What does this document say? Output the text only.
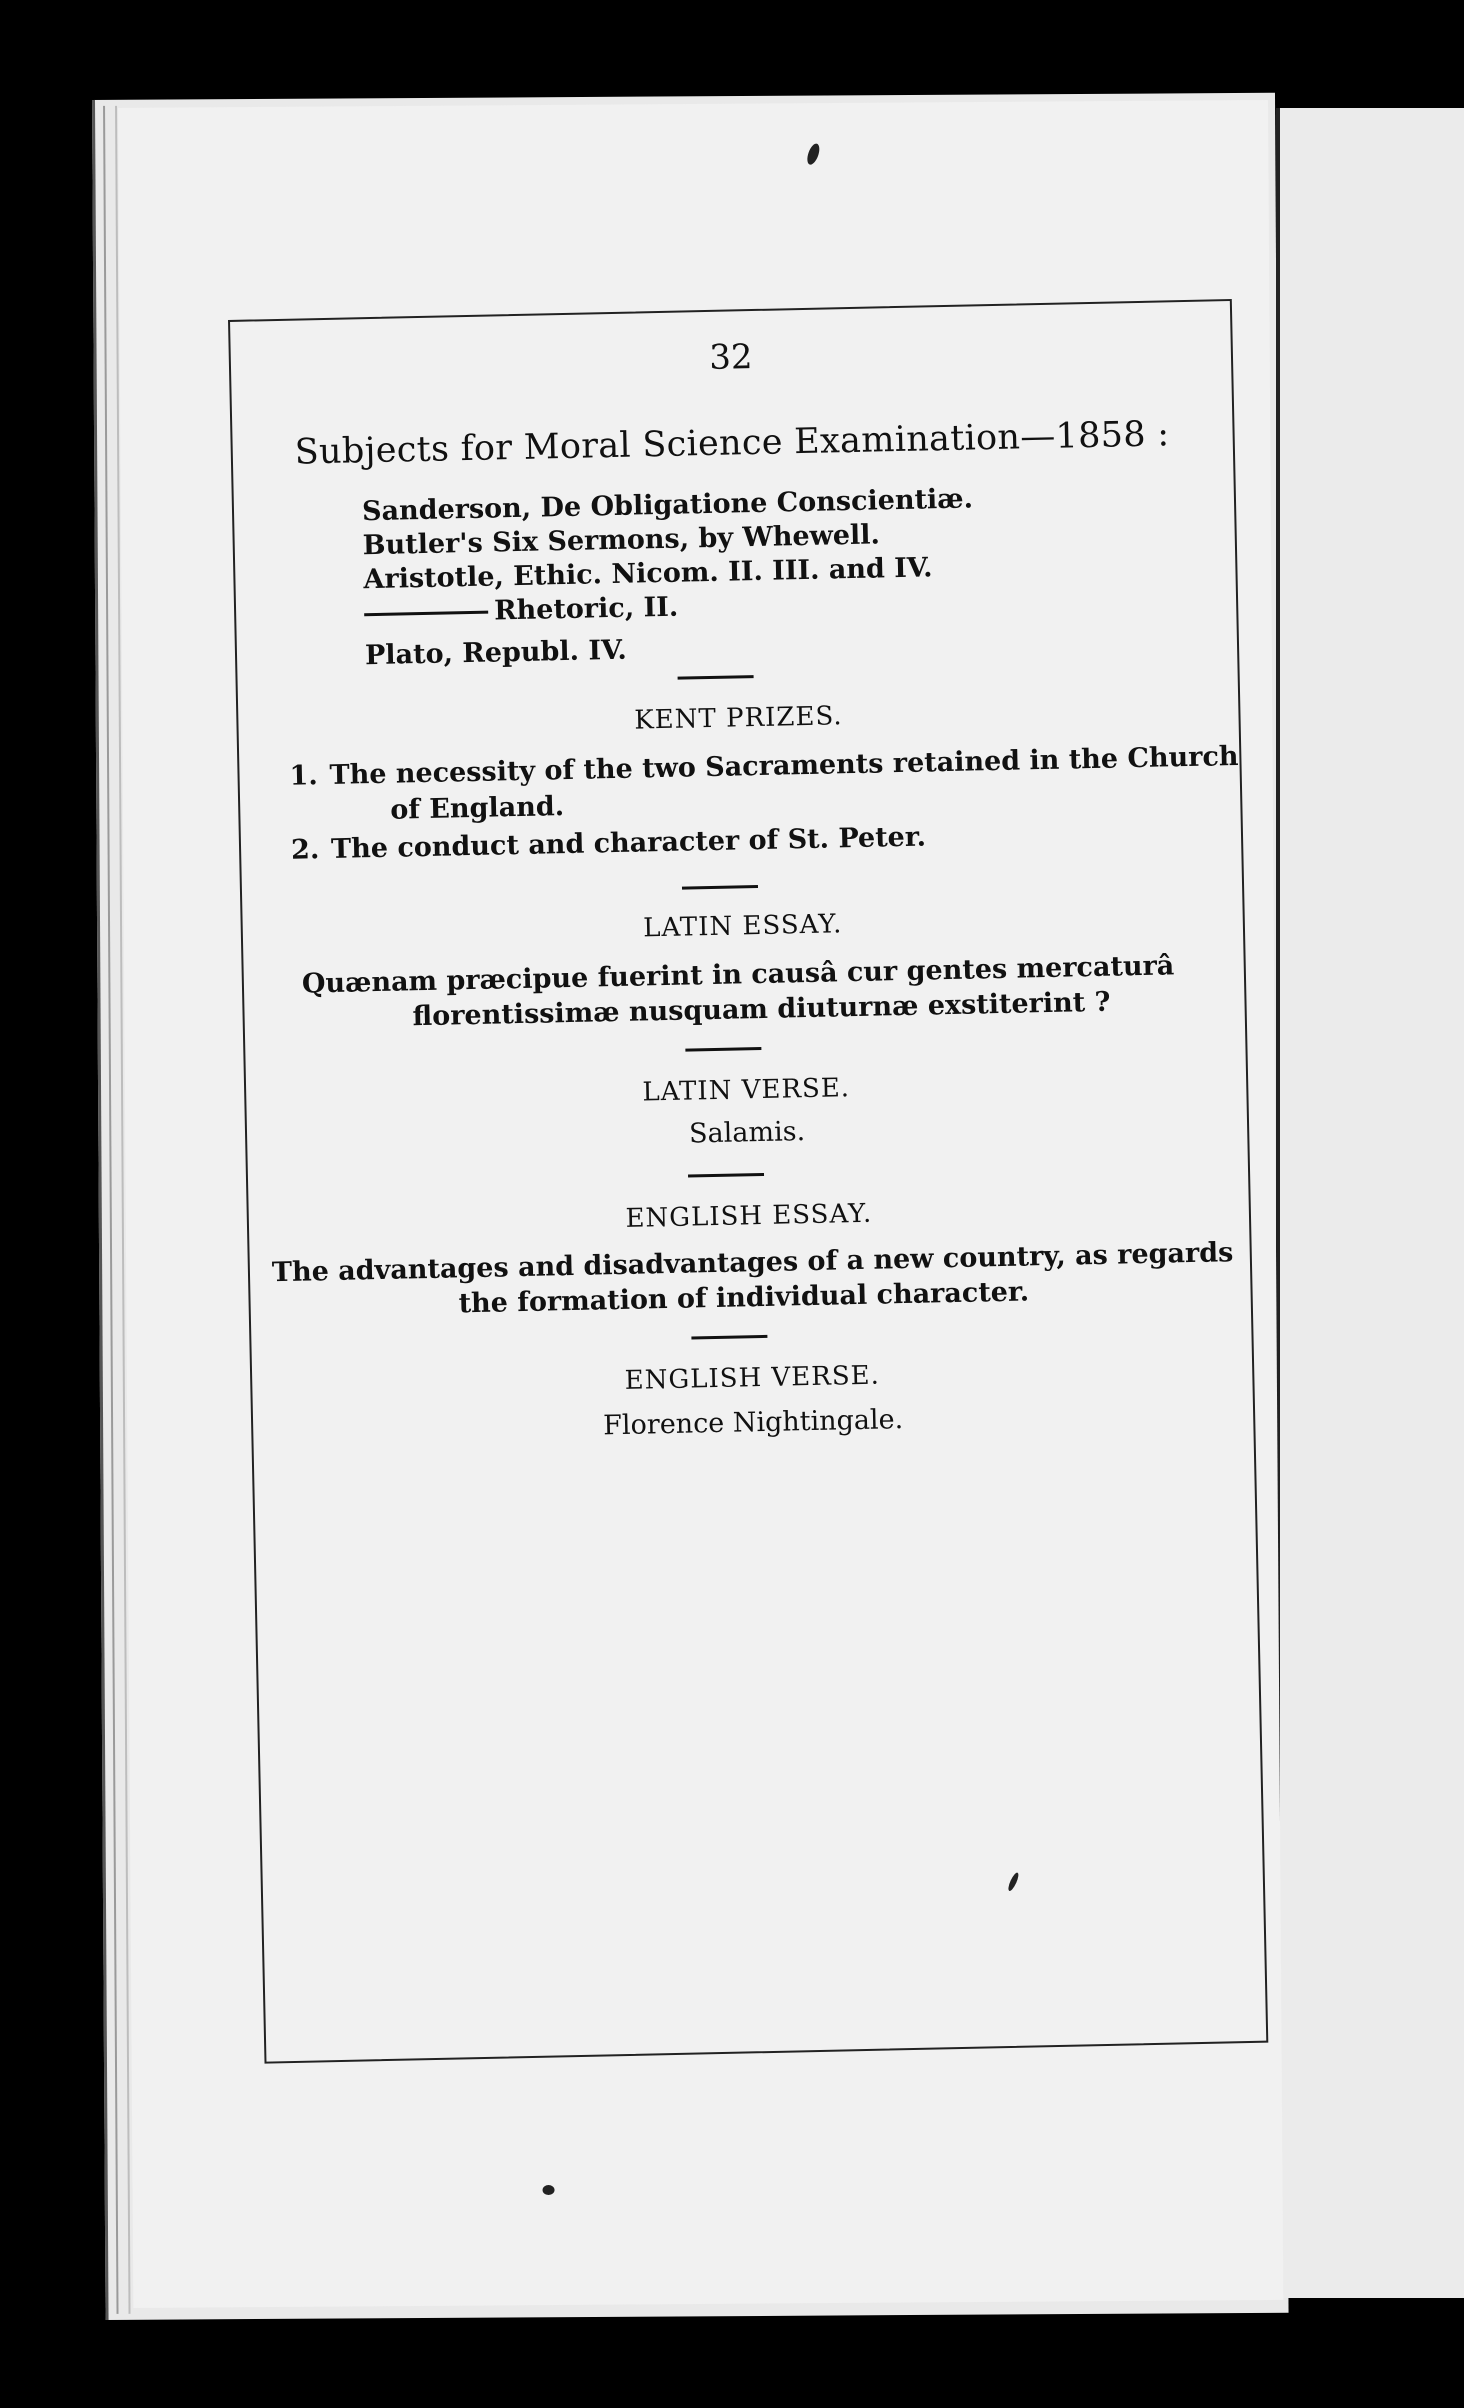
32
Subjects for Moral Science Examination—1858 :
Sanderson, De Obligatione Conscientiæ.
Butler's Six Sermons, by Whewell.
Aristotle, Ethic. Nicom. II. III. and IV.
Rhetoric, II.
Plato, Republ. IV.
KENT PRIZES.
1. The necessity of the two Sacraments retained in the Church
of England.
2. The conduct and character of St. Peter.
LATIN ESSAY.
Quænam præcipue fuerint in causâ cur gentes mercaturâ
florentissimæ nusquam diuturnæ exstiterint ?
LATIN VERSE.
Salamis.
ENGLISH ESSAY.
The advantages and disadvantages of a new country, as regards
the formation of individual character.
ENGLISH VERSE.
Florence Nightingale.
